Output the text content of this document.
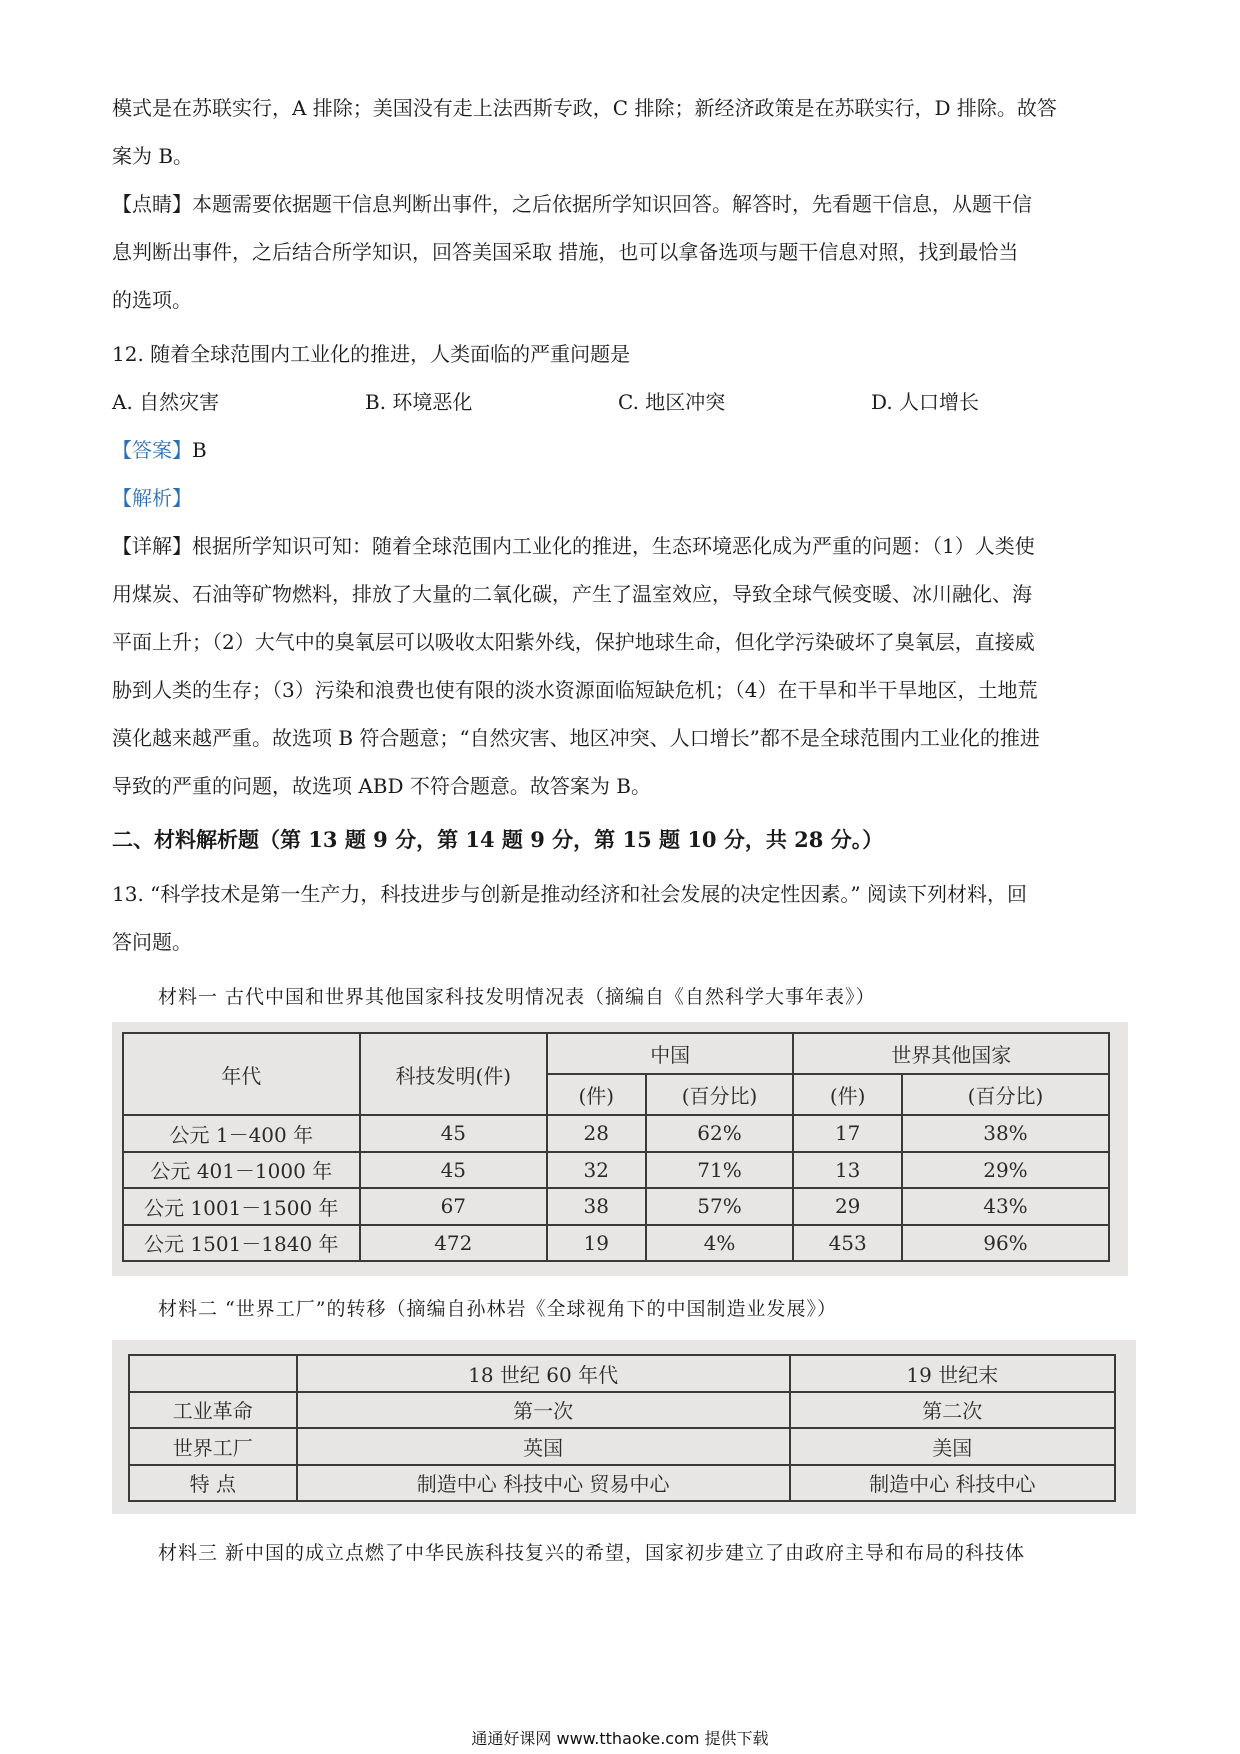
模式是在苏联实行，A 排除；美国没有走上法西斯专政，C 排除；新经济政策是在苏联实行，D 排除。故答
案为 B。
【点睛】本题需要依据题干信息判断出事件，之后依据所学知识回答。解答时，先看题干信息，从题干信
息判断出事件，之后结合所学知识，回答美国采取 措施，也可以拿备选项与题干信息对照，找到最恰当
的选项。
12. 随着全球范围内工业化的推进，人类面临的严重问题是
A. 自然灾害	B. 环境恶化	C. 地区冲突	D. 人口增长
【答案】B
【解析】
【详解】根据所学知识可知：随着全球范围内工业化的推进，生态环境恶化成为严重的问题：（1）人类使
用煤炭、石油等矿物燃料，排放了大量的二氧化碳，产生了温室效应，导致全球气候变暖、冰川融化、海
平面上升；（2）大气中的臭氧层可以吸收太阳紫外线，保护地球生命，但化学污染破坏了臭氧层，直接威
胁到人类的生存；（3）污染和浪费也使有限的淡水资源面临短缺危机；（4）在干旱和半干旱地区，土地荒
漠化越来越严重。故选项 B 符合题意；“自然灾害、地区冲突、人口增长”都不是全球范围内工业化的推进
导致的严重的问题，故选项 ABD 不符合题意。故答案为 B。
二、材料解析题（第 13 题 9 分，第 14 题 9 分，第 15 题 10 分，共 28 分。）
13. “科学技术是第一生产力，科技进步与创新是推动经济和社会发展的决定性因素。” 阅读下列材料，回
答问题。
材料一 古代中国和世界其他国家科技发明情况表（摘编自《自然科学大事年表》）
年代	科技发明(件)	中国		世界其他国家	
		(件)	(百分比)	(件)	(百分比)
公元 1－400 年	45	28	62%	17	38%
公元 401－1000 年	45	32	71%	13	29%
公元 1001－1500 年	67	38	57%	29	43%
公元 1501－1840 年	472	19	4%	453	96%
材料二 “世界工厂”的转移（摘编自孙林岩《全球视角下的中国制造业发展》）
	18 世纪 60 年代	19 世纪末
工业革命	第一次	第二次
世界工厂	英国	美国
特 点	制造中心 科技中心 贸易中心	制造中心 科技中心
材料三 新中国的成立点燃了中华民族科技复兴的希望，国家初步建立了由政府主导和布局的科技体
通通好课网 www.tthaoke.com 提供下载
